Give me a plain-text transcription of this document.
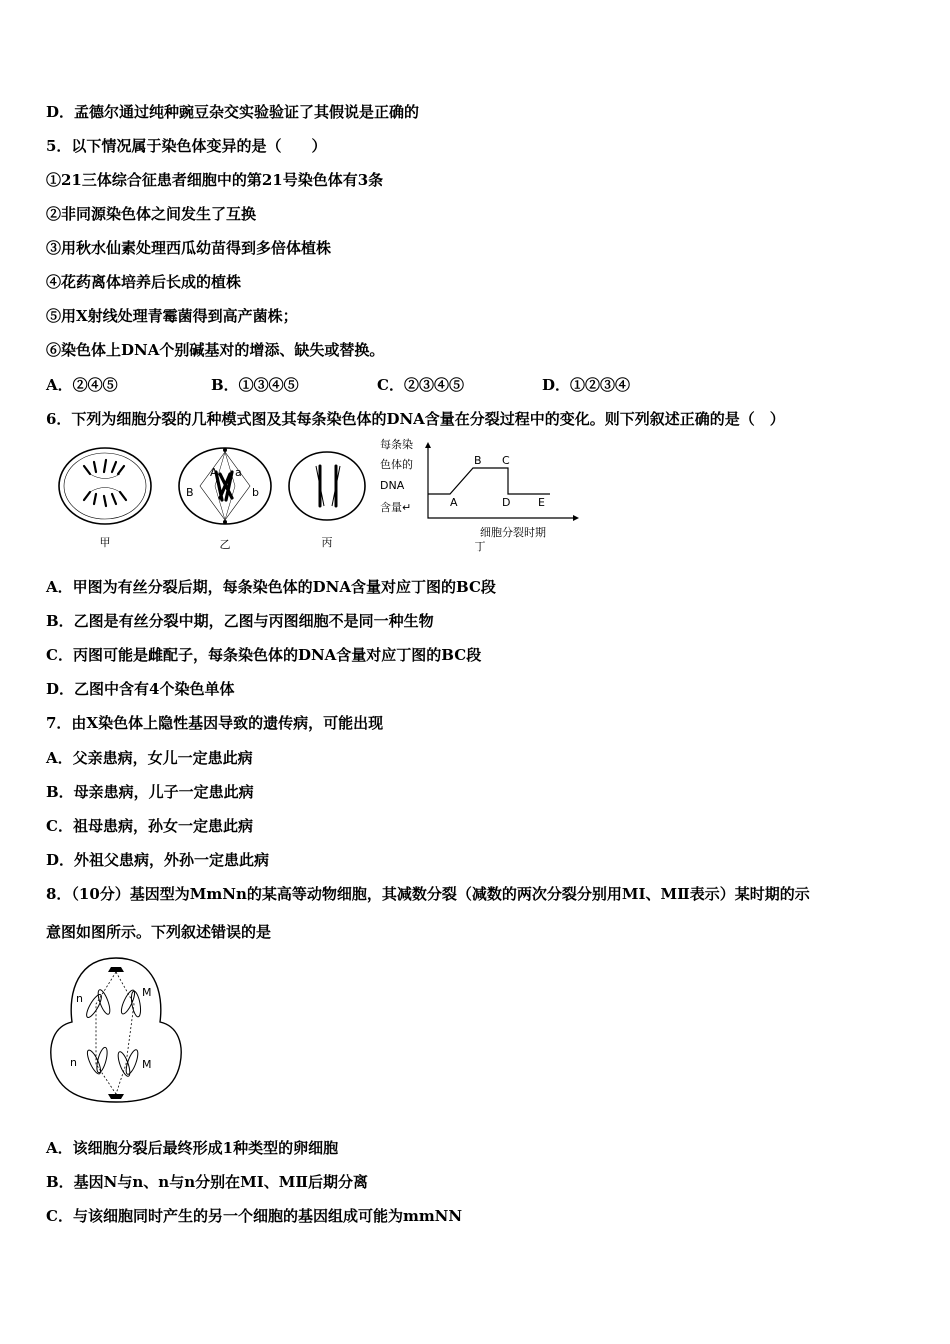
D．孟德尔通过纯种豌豆杂交实验验证了其假说是正确的
5．以下情况属于染色体变异的是（　　）
①21三体综合征患者细胞中的第21号染色体有3条
②非同源染色体之间发生了互换
③用秋水仙素处理西瓜幼苗得到多倍体植株
④花药离体培养后长成的植株
⑤用X射线处理青霉菌得到高产菌株；
⑥染色体上DNA个别碱基对的增添、缺失或替换。
A．②④⑤	B．①③④⑤	C．②③④⑤	D．①②③④
6．下列为细胞分裂的几种模式图及其每条染色体的DNA含量在分裂过程中的变化。则下列叙述正确的是（　）
A a
B	b
每条染
色体的
DNA
含量↵	A
B C
D	E
细胞分裂时期
甲	乙	丙	丁
A．甲图为有丝分裂后期，每条染色体的DNA含量对应丁图的BC段
B．乙图是有丝分裂中期，乙图与丙图细胞不是同一种生物
C．丙图可能是雌配子，每条染色体的DNA含量对应丁图的BC段
D．乙图中含有4个染色单体
7．由X染色体上隐性基因导致的遗传病，可能出现
A．父亲患病，女儿一定患此病
B．母亲患病，儿子一定患此病
C．祖母患病，孙女一定患此病
D．外祖父患病，外孙一定患此病
8．（10分）基因型为MmNn的某高等动物细胞，其减数分裂（减数的两次分裂分别用MⅠ、MⅡ表示）某时期的示
意图如图所示。下列叙述错误的是
n	M
n	M
A．该细胞分裂后最终形成1种类型的卵细胞
B．基因N与n、n与n分别在MⅠ、MⅡ后期分离
C．与该细胞同时产生的另一个细胞的基因组成可能为mmNN
